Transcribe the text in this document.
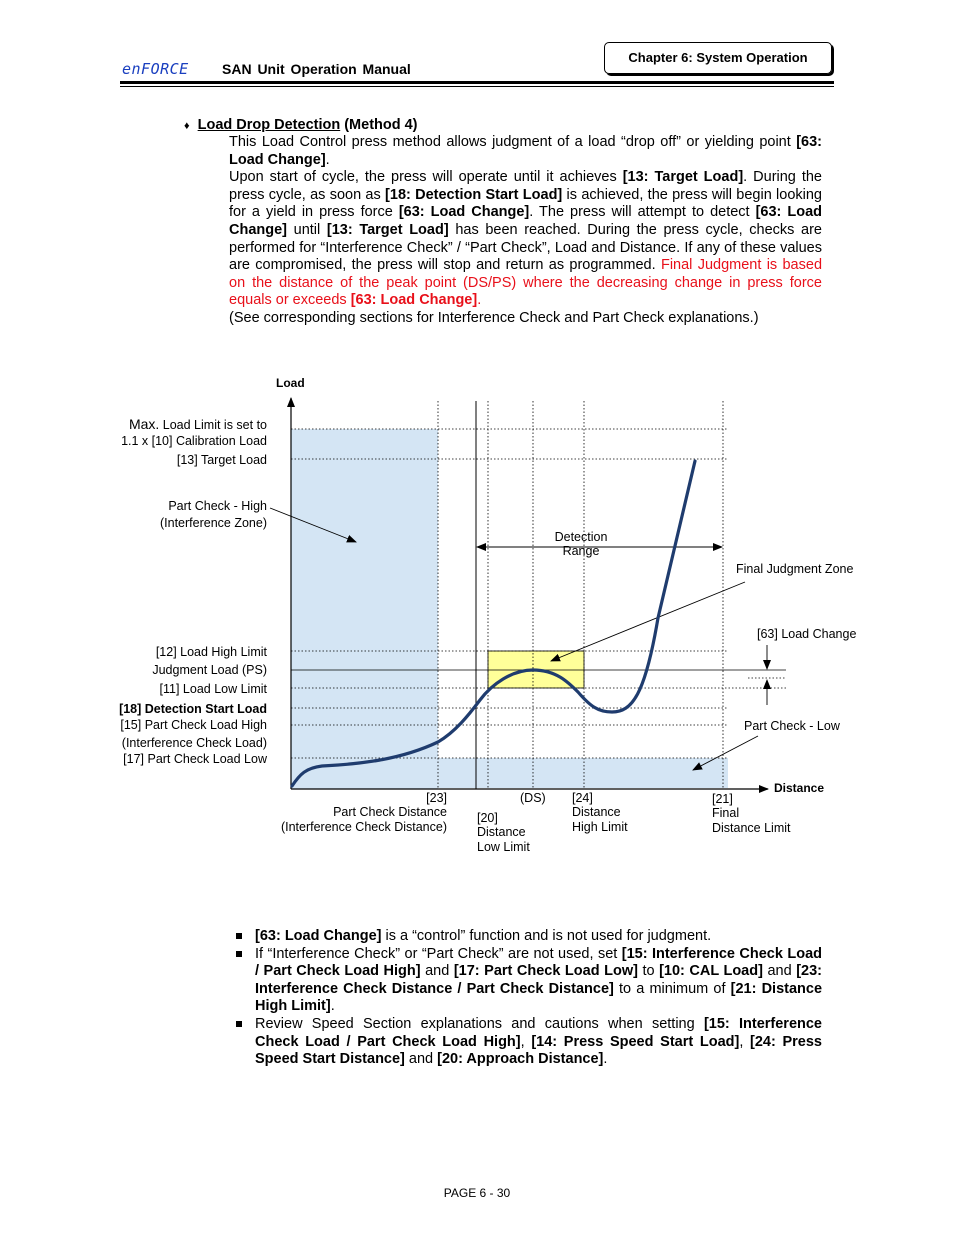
enFORCE SAN Unit Operation Manual
Chapter 6: System Operation
♦ Load Drop Detection (Method 4)
This Load Control press method allows judgment of a load “drop off” or yielding point [63: Load Change].
Upon start of cycle, the press will operate until it achieves [13: Target Load]. During the press cycle, as soon as [18: Detection Start Load] is achieved, the press will begin looking for a yield in press force [63: Load Change]. The press will attempt to detect [63: Load Change] until [13: Target Load] has been reached. During the press cycle, checks are performed for “Interference Check” / “Part Check”, Load and Distance. If any of these values are compromised, the press will stop and return as programmed. Final Judgment is based on the distance of the peak point (DS/PS) where the decreasing change in press force equals or exceeds [63: Load Change].
(See corresponding sections for Interference Check and Part Check explanations.)
Load
Distance
Max. Load Limit is set to
1.1 x [10] Calibration Load
[13] Target Load
Part Check - High
(Interference Zone)
[12] Load High Limit
Judgment Load (PS)
[11] Load Low Limit
[18] Detection Start Load
[15] Part Check Load High
(Interference Check Load)
[17] Part Check Load Low
Detection
Range
Final Judgment Zone
[63] Load Change
Part Check - Low
[23]
Part Check Distance
(Interference Check Distance)
[20]
Distance
Low Limit
(DS) [24]
Distance
High Limit
[21]
Final
Distance Limit
[63: Load Change] is a “control” function and is not used for judgment.
If “Interference Check” or “Part Check” are not used, set [15: Interference Check Load / Part Check Load High] and [17: Part Check Load Low] to [10: CAL Load] and [23: Interference Check Distance / Part Check Distance] to a minimum of [21: Distance High Limit].
Review Speed Section explanations and cautions when setting [15: Interference Check Load / Part Check Load High], [14: Press Speed Start Load], [24: Press Speed Start Distance] and [20: Approach Distance].
PAGE 6 - 30
